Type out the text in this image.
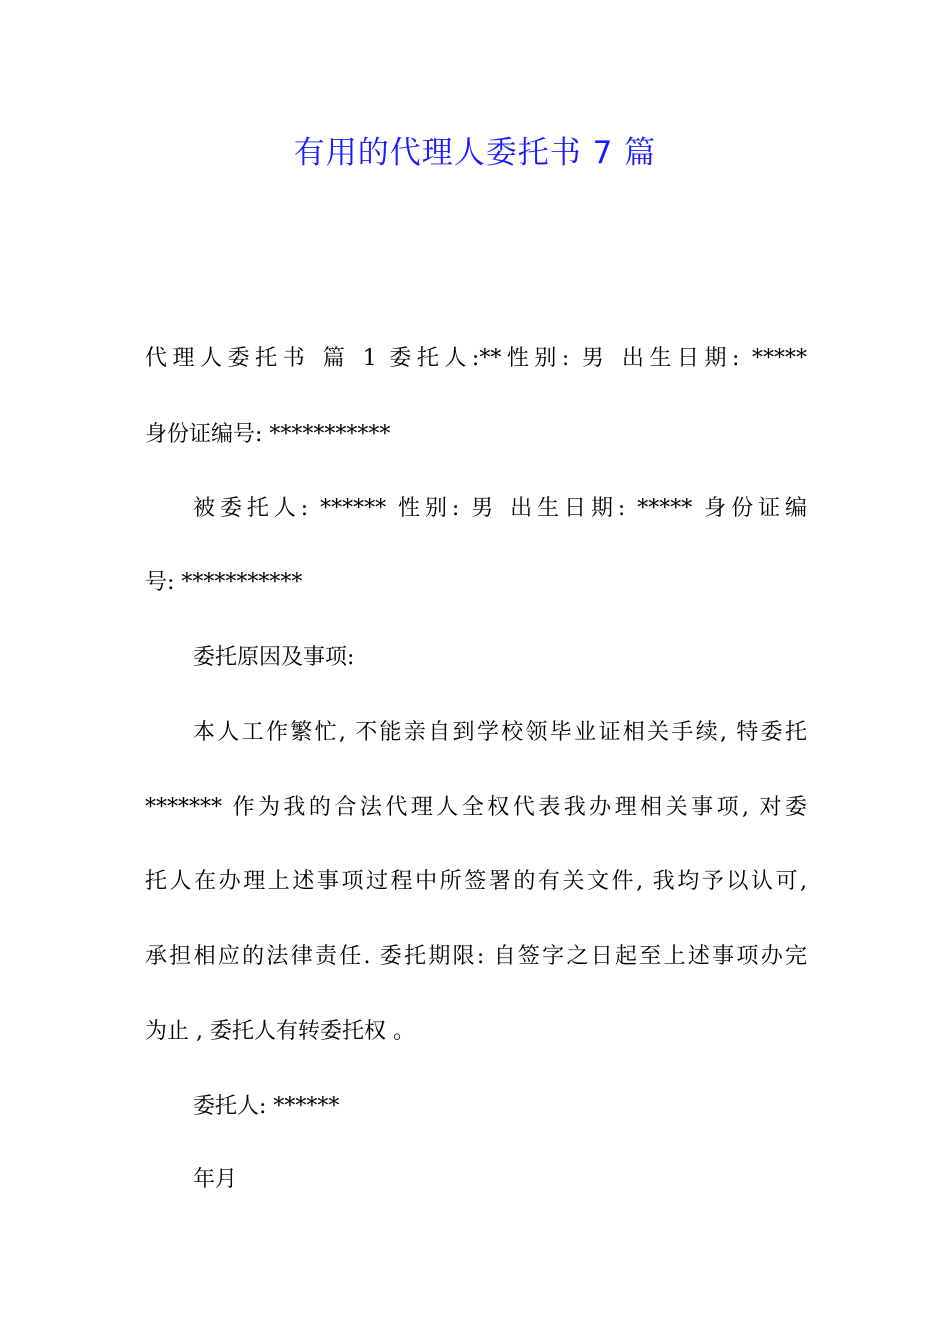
有用的代理人委托书 7 篇
代理人委托书 篇 1 委托人:**性别: 男 出生日期: *****
身份证编号: ***********
被委托人: ****** 性别: 男 出生日期: ***** 身份证编
号: ***********
委托原因及事项:
本人工作繁忙, 不能亲自到学校领毕业证相关手续, 特委托
******* 作为我的合法代理人全权代表我办理相关事项, 对委
托人在办理上述事项过程中所签署的有关文件, 我均予以认可,
承担相应的法律责任. 委托期限: 自签字之日起至上述事项办完
为止 , 委托人有转委托权 。
委托人: ******
年月
